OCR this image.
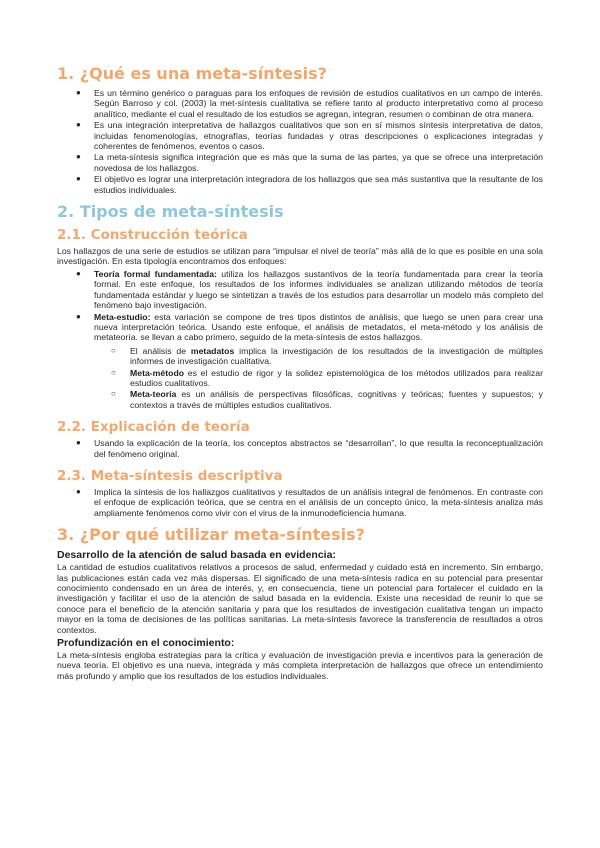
1. ¿Qué es una meta-síntesis?
● Es un término genérico o paraguas para los enfoques de revisión de estudios cualitativos en un campo de interés. Según Barroso y col. (2003) la met-síntesis cualitativa se refiere tanto al producto interpretativo como al proceso analítico, mediante el cual el resultado de los estudios se agregan, integran, resumen o combinan de otra manera.
● Es una integración interpretativa de hallazgos cualitativos que son en sí mismos síntesis interpretativa de datos, incluidas fenomenologías, etnografías, teorías fundadas y otras descripciones o explicaciones integradas y coherentes de fenómenos, eventos o casos.
● La meta-síntesis significa integración que es más que la suma de las partes, ya que se ofrece una interpretación novedosa de los hallazgos.
● El objetivo es lograr una interpretación integradora de los hallazgos que sea más sustantiva que la resultante de los estudios individuales.
2. Tipos de meta-síntesis
2.1. Construcción teórica

Los hallazgos de una serie de estudios se utilizan para “impulsar el nivel de teoría” más allá de lo que es posible en una sola investigación. En esta tipología encontramos dos enfoques:

● Teoría formal fundamentada: utiliza los hallazgos sustantivos de la teoría fundamentada para crear la teoría formal. En este enfoque, los resultados de los informes individuales se analizan utilizando métodos de teoría fundamentada estándar y luego se sintetizan a través de los estudios para desarrollar un modelo más completo del fenómeno bajo investigación.
● Meta-estudio: esta variación se compone de tres tipos distintos de análisis, que luego se unen para crear una nueva interpretación teórica. Usando este enfoque, el análisis de metadatos, el meta-método y los análisis de metateoría. se llevan a cabo primero, seguido de la meta-síntesis de estos hallazgos.
○ El análisis de metadatos implica la investigación de los resultados de la investigación de múltiples informes de investigación cualitativa.
○ Meta-método es el estudio de rigor y la solidez epistemológica de los métodos utilizados para realizar estudios cualitativos.
○ Meta-teoría es un análisis de perspectivas filosóficas, cognitivas y teóricas; fuentes y supuestos; y contextos a través de múltiples estudios cualitativos.
2.2. Explicación de teoría
● Usando la explicación de la teoría, los conceptos abstractos se “desarrollan”, lo que resulta la reconceptualización del fenómeno original.
2.3. Meta-síntesis descriptiva
● Implica la síntesis de los hallazgos cualitativos y resultados de un análisis integral de fenómenos. En contraste con el enfoque de explicación teórica, que se centra en el análisis de un concepto único, la meta-síntesis analiza más ampliamente fenómenos como vivir con el virus de la inmunodeficiencia humana.
3. ¿Por qué utilizar meta-síntesis?
Desarrollo de la atención de salud basada en evidencia:

La cantidad de estudios cualitativos relativos a procesos de salud, enfermedad y cuidado está en incremento. Sin embargo, las publicaciones están cada vez más dispersas. El significado de una meta-síntesis radica en su potencial para presentar conocimiento condensado en un área de interés, y, en consecuencia, tiene un potencial para fortalecer el cuidado en la investigación y facilitar el uso de la atención de salud basada en la evidencia. Existe una necesidad de reunir lo que se conoce para el beneficio de la atención sanitaria y para que los resultados de investigación cualitativa tengan un impacto mayor en la toma de decisiones de las políticas sanitarias. La meta-síntesis favorece la transferencia de resultados a otros contextos.

Profundización en el conocimiento:

La meta-síntesis engloba estrategias para la crítica y evaluación de investigación previa e incentivos para la generación de nueva teoría. El objetivo es una nueva, integrada y más completa interpretación de hallazgos que ofrece un entendimiento más profundo y amplio que los resultados de los estudios individuales.
